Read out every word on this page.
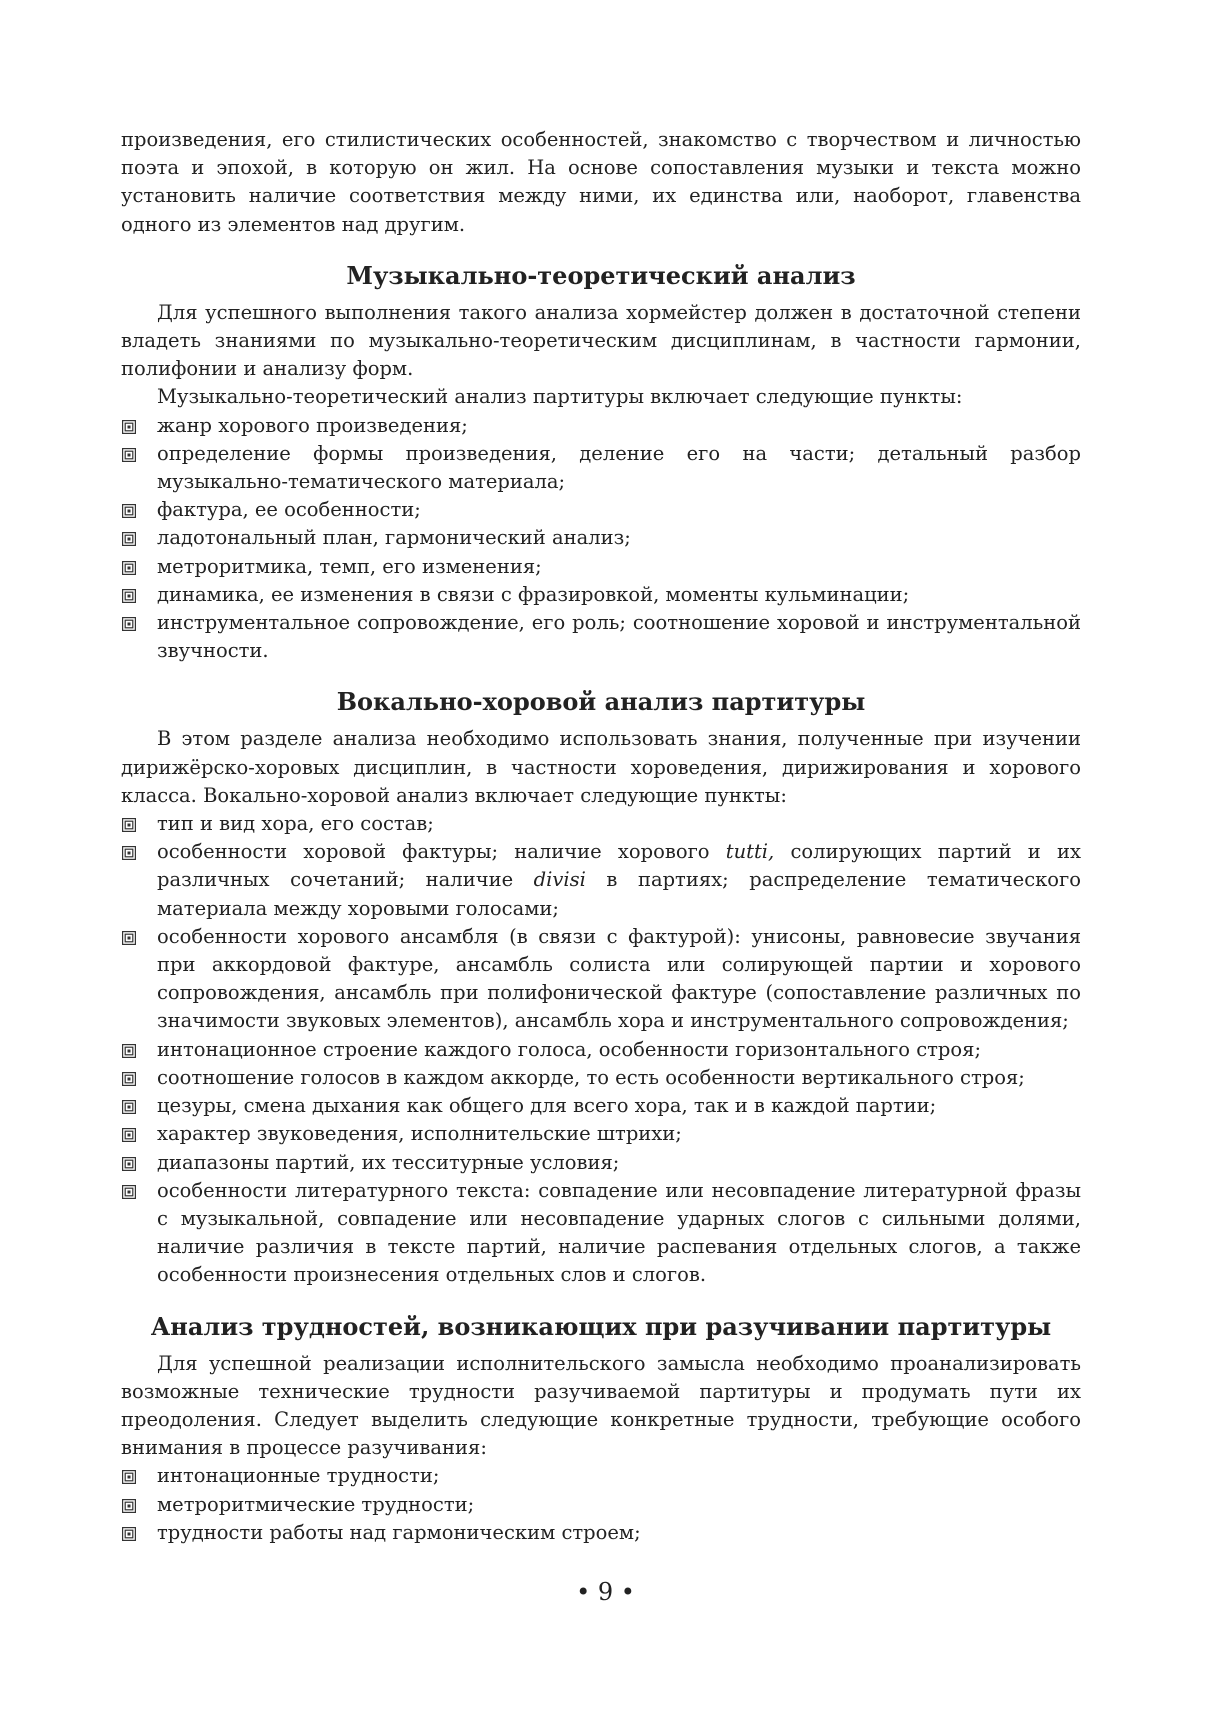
произведения, его стилистических особенностей, знакомство с творчеством и личностью поэта и эпохой, в которую он жил. На основе сопоставления музыки и текста можно установить наличие соответствия между ними, их единства или, наоборот, главенства одного из элементов над другим.

Музыкально-теоретический анализ

Для успешного выполнения такого анализа хормейстер должен в достаточной степени владеть знаниями по музыкально-теоретическим дисциплинам, в частности гармонии, полифонии и анализу форм.

Музыкально-теоретический анализ партитуры включает следующие пункты:

жанр хорового произведения;
определение формы произведения, деление его на части; детальный разбор музыкально-тематического материала;
фактура, ее особенности;
ладотональный план, гармонический анализ;
метроритмика, темп, его изменения;
динамика, ее изменения в связи с фразировкой, моменты кульминации;
инструментальное сопровождение, его роль; соотношение хоровой и инструментальной звучности.
Вокально-хоровой анализ партитуры

В этом разделе анализа необходимо использовать знания, полученные при изучении дирижёрско-хоровых дисциплин, в частности хороведения, дирижирования и хорового класса. Вокально-хоровой анализ включает следующие пункты:

тип и вид хора, его состав;
особенности хоровой фактуры; наличие хорового tutti, солирующих партий и их различных сочетаний; наличие divisi в партиях; распределение тематического материала между хоровыми голосами;
особенности хорового ансамбля (в связи с фактурой): унисоны, равновесие звучания при аккордовой фактуре, ансамбль солиста или солирующей партии и хорового сопровождения, ансамбль при полифонической фактуре (сопоставление различных по значимости звуковых элементов), ансамбль хора и инструментального сопровождения;
интонационное строение каждого голоса, особенности горизонтального строя;
соотношение голосов в каждом аккорде, то есть особенности вертикального строя;
цезуры, смена дыхания как общего для всего хора, так и в каждой партии;
характер звуковедения, исполнительские штрихи;
диапазоны партий, их тесситурные условия;
особенности литературного текста: совпадение или несовпадение литературной фразы с музыкальной, совпадение или несовпадение ударных слогов с сильными долями, наличие различия в тексте партий, наличие распевания отдельных слогов, а также особенности произнесения отдельных слов и слогов.
Анализ трудностей, возникающих при разучивании партитуры

Для успешной реализации исполнительского замысла необходимо проанализировать возможные технические трудности разучиваемой партитуры и продумать пути их преодоления. Следует выделить следующие конкретные трудности, требующие особого внимания в процессе разучивания:

интонационные трудности;
метроритмические трудности;
трудности работы над гармоническим строем;
• 9 •
